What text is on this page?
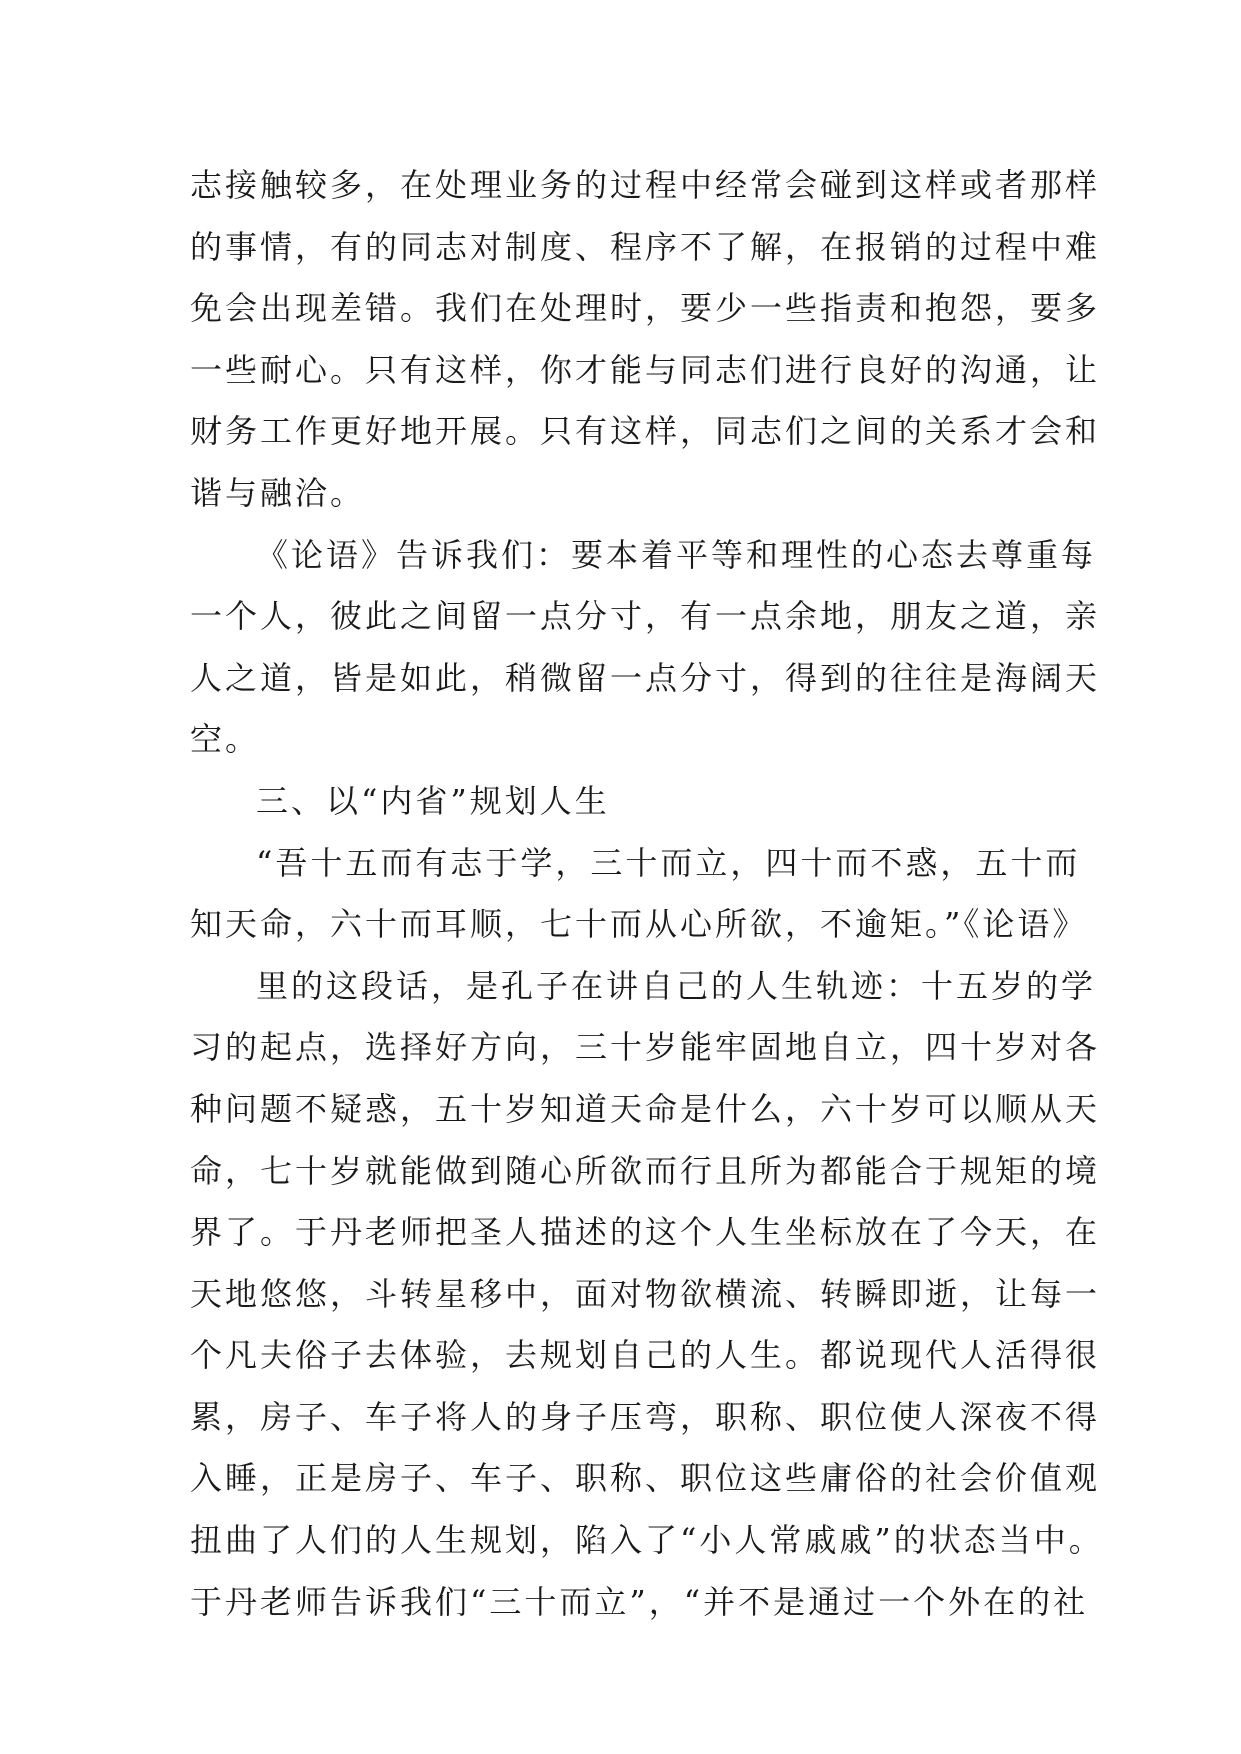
志接触较多，在处理业务的过程中经常会碰到这样或者那样
的事情，有的同志对制度、程序不了解，在报销的过程中难
免会出现差错。我们在处理时，要少一些指责和抱怨，要多
一些耐心。只有这样，你才能与同志们进行良好的沟通，让
财务工作更好地开展。只有这样，同志们之间的关系才会和
谐与融洽。
《论语》告诉我们：要本着平等和理性的心态去尊重每
一个人，彼此之间留一点分寸，有一点余地，朋友之道，亲
人之道，皆是如此，稍微留一点分寸，得到的往往是海阔天
空。
三、以“内省”规划人生
“吾十五而有志于学，三十而立，四十而不惑，五十而
知天命，六十而耳顺，七十而从心所欲，不逾矩。”《论语》
里的这段话，是孔子在讲自己的人生轨迹：十五岁的学
习的起点，选择好方向，三十岁能牢固地自立，四十岁对各
种问题不疑惑，五十岁知道天命是什么，六十岁可以顺从天
命，七十岁就能做到随心所欲而行且所为都能合于规矩的境
界了。于丹老师把圣人描述的这个人生坐标放在了今天，在
天地悠悠，斗转星移中，面对物欲横流、转瞬即逝，让每一
个凡夫俗子去体验，去规划自己的人生。都说现代人活得很
累，房子、车子将人的身子压弯，职称、职位使人深夜不得
入睡，正是房子、车子、职称、职位这些庸俗的社会价值观
扭曲了人们的人生规划，陷入了“小人常戚戚”的状态当中。
于丹老师告诉我们“三十而立”，“并不是通过一个外在的社
